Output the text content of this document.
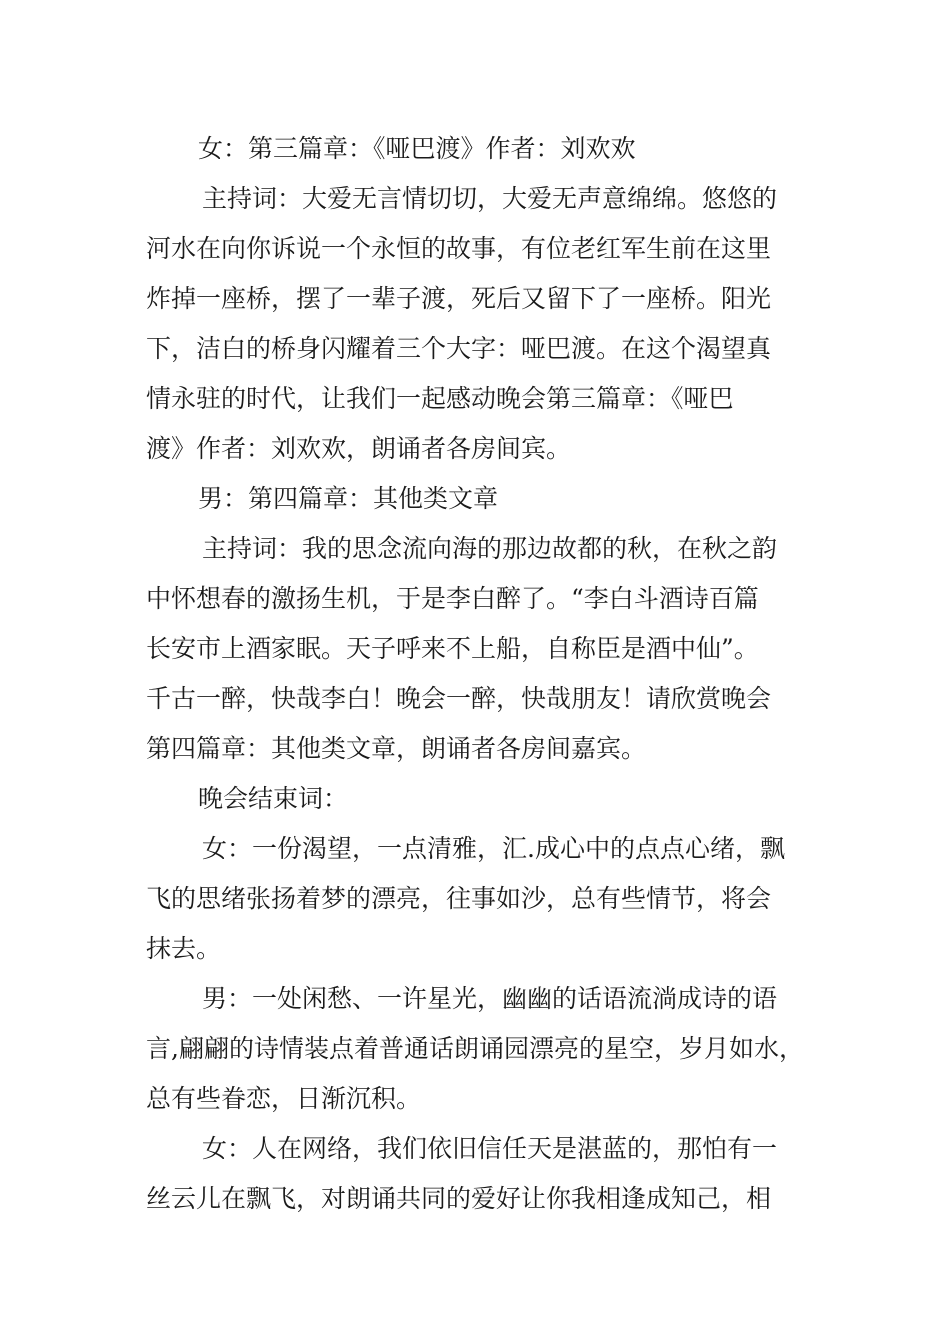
女：第三篇章：《哑巴渡》作者：刘欢欢

主持词：大爱无言情切切，大爱无声意绵绵。悠悠的
河水在向你诉说一个永恒的故事，有位老红军生前在这里
炸掉一座桥，摆了一辈子渡，死后又留下了一座桥。阳光
下，洁白的桥身闪耀着三个大字：哑巴渡。在这个渴望真
情永驻的时代，让我们一起感动晚会第三篇章：《哑巴
渡》作者：刘欢欢，朗诵者各房间宾。

男：第四篇章：其他类文章

主持词：我的思念流向海的那边故都的秋，在秋之韵
中怀想春的激扬生机，于是李白醉了。“李白斗酒诗百篇
长安市上酒家眠。天子呼来不上船，自称臣是酒中仙”。
千古一醉，快哉李白！晚会一醉，快哉朋友！请欣赏晚会
第四篇章：其他类文章，朗诵者各房间嘉宾。

晚会结束词：

女：一份渴望，一点清雅，汇.成心中的点点心绪，飘
飞的思绪张扬着梦的漂亮，往事如沙，总有些情节，将会
抹去。

男：一处闲愁、一许星光，幽幽的话语流淌成诗的语
言,翩翩的诗情装点着普通话朗诵园漂亮的星空，岁月如水，
总有些眷恋，日渐沉积。

女：人在网络，我们依旧信任天是湛蓝的，那怕有一
丝云儿在飘飞，对朗诵共同的爱好让你我相逢成知己，相
